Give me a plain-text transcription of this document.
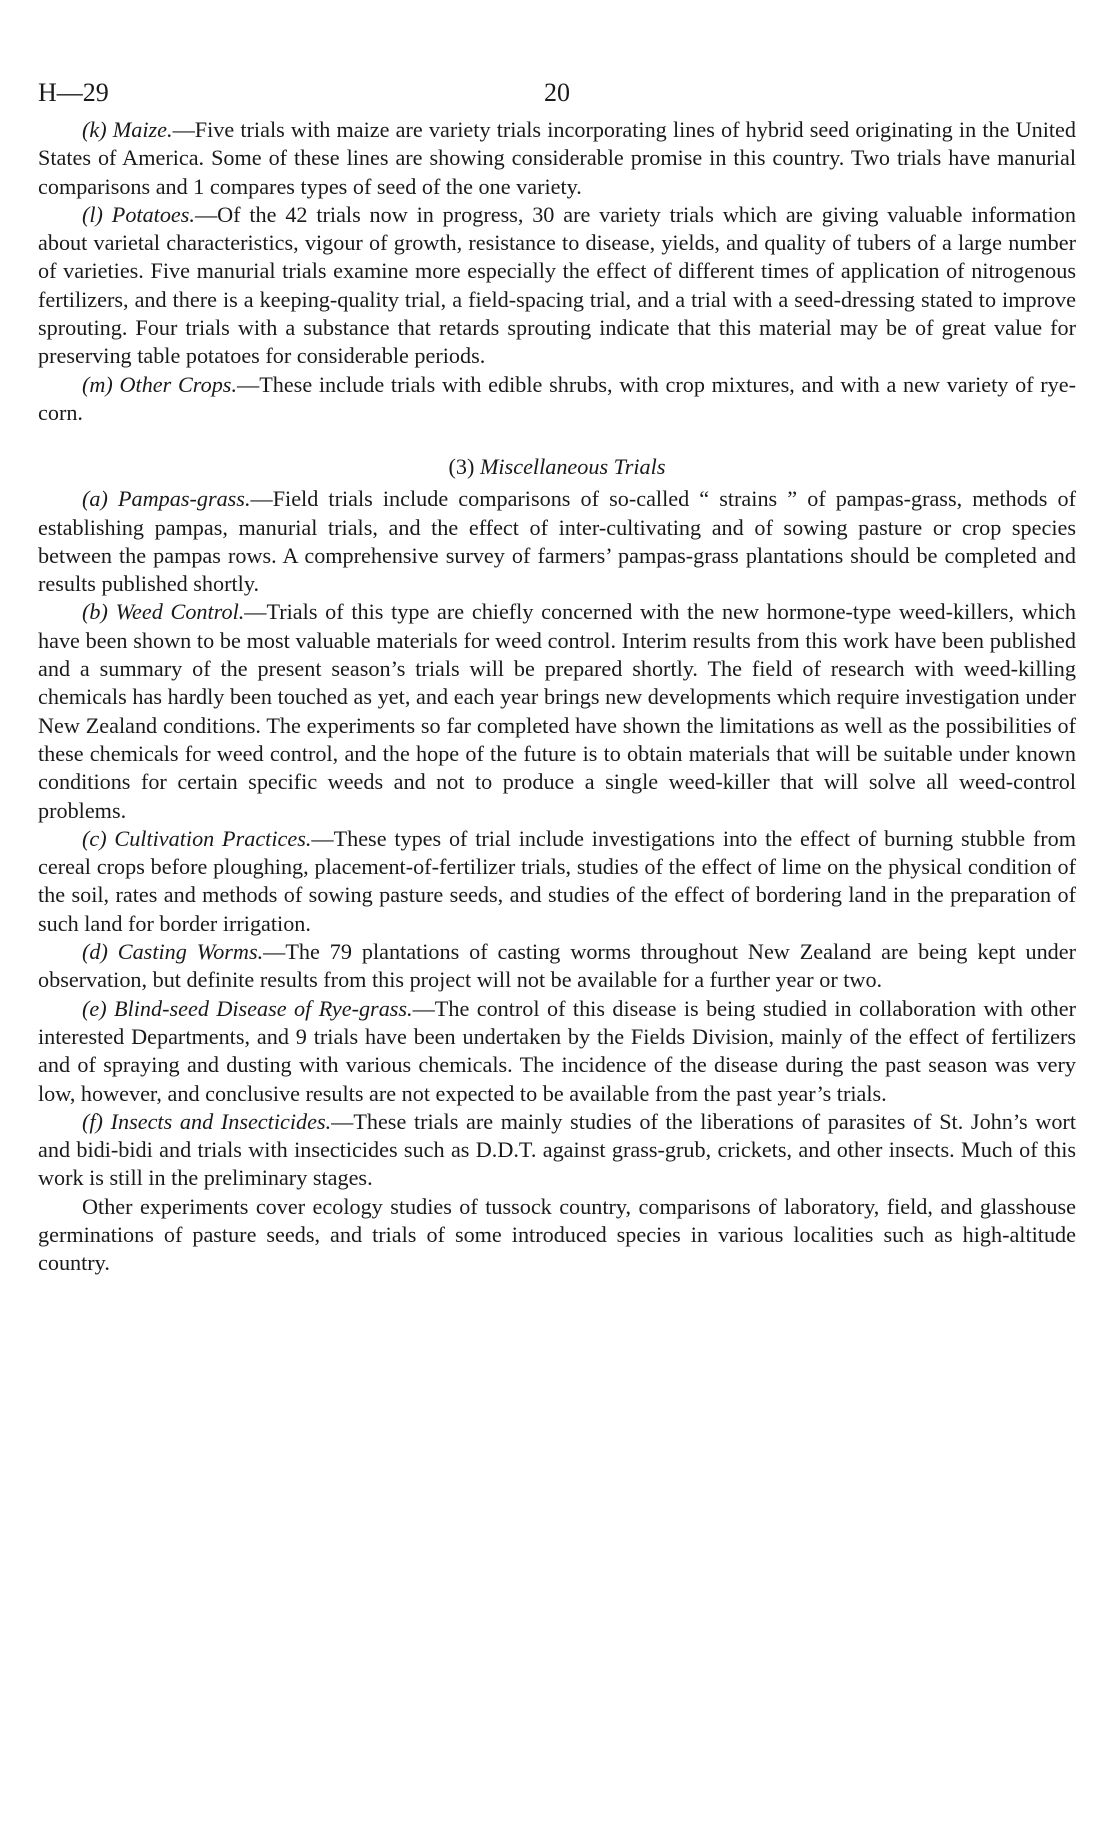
H—29	20

(k) Maize.—Five trials with maize are variety trials incorporating lines of hybrid seed originating in the United States of America. Some of these lines are showing considerable promise in this country. Two trials have manurial comparisons and 1 compares types of seed of the one variety.

(l) Potatoes.—Of the 42 trials now in progress, 30 are variety trials which are giving valuable information about varietal characteristics, vigour of growth, resistance to disease, yields, and quality of tubers of a large number of varieties. Five manurial trials examine more especially the effect of different times of application of nitrogenous fertilizers, and there is a keeping-quality trial, a field-spacing trial, and a trial with a seed-dressing stated to improve sprouting. Four trials with a substance that retards sprouting indicate that this material may be of great value for preserving table potatoes for considerable periods.

(m) Other Crops.—These include trials with edible shrubs, with crop mixtures, and with a new variety of rye-corn.

(3) Miscellaneous Trials

(a) Pampas-grass.—Field trials include comparisons of so-called “ strains ” of pampas-grass, methods of establishing pampas, manurial trials, and the effect of inter-cultivating and of sowing pasture or crop species between the pampas rows. A comprehensive survey of farmers’ pampas-grass plantations should be completed and results published shortly.

(b) Weed Control.—Trials of this type are chiefly concerned with the new hormone-type weed-killers, which have been shown to be most valuable materials for weed control. Interim results from this work have been published and a summary of the present season’s trials will be prepared shortly. The field of research with weed-killing chemicals has hardly been touched as yet, and each year brings new developments which require investigation under New Zealand conditions. The experiments so far completed have shown the limitations as well as the possibilities of these chemicals for weed control, and the hope of the future is to obtain materials that will be suitable under known conditions for certain specific weeds and not to produce a single weed-killer that will solve all weed-control problems.

(c) Cultivation Practices.—These types of trial include investigations into the effect of burning stubble from cereal crops before ploughing, placement-of-fertilizer trials, studies of the effect of lime on the physical condition of the soil, rates and methods of sowing pasture seeds, and studies of the effect of bordering land in the preparation of such land for border irrigation.

(d) Casting Worms.—The 79 plantations of casting worms throughout New Zealand are being kept under observation, but definite results from this project will not be available for a further year or two.

(e) Blind-seed Disease of Rye-grass.—The control of this disease is being studied in collaboration with other interested Departments, and 9 trials have been undertaken by the Fields Division, mainly of the effect of fertilizers and of spraying and dusting with various chemicals. The incidence of the disease during the past season was very low, however, and conclusive results are not expected to be available from the past year’s trials.

(f) Insects and Insecticides.—These trials are mainly studies of the liberations of parasites of St. John’s wort and bidi-bidi and trials with insecticides such as D.D.T. against grass-grub, crickets, and other insects. Much of this work is still in the preliminary stages.

Other experiments cover ecology studies of tussock country, comparisons of laboratory, field, and glasshouse germinations of pasture seeds, and trials of some introduced species in various localities such as high-altitude country.
